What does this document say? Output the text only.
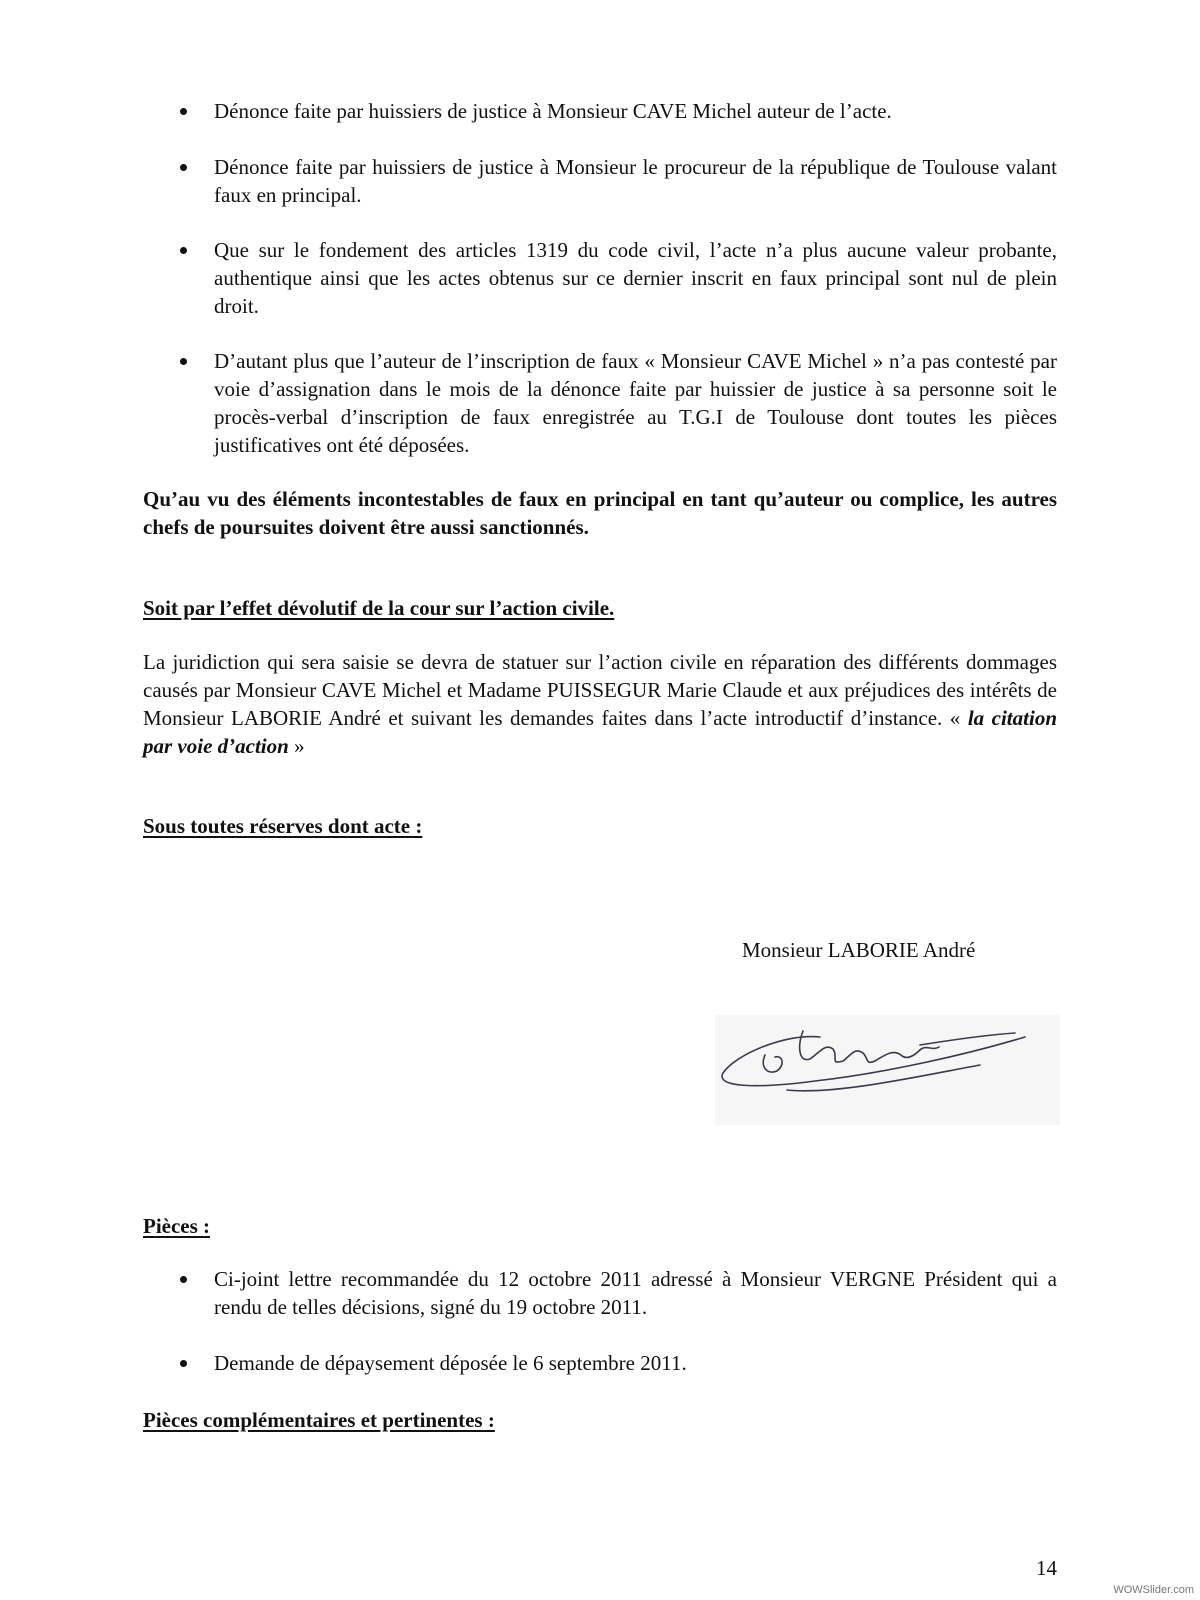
Dénonce faite par huissiers de justice à Monsieur CAVE Michel auteur de l’acte.
Dénonce faite par huissiers de justice à Monsieur le procureur de la république de Toulouse valant faux en principal.
Que sur le fondement des articles 1319 du code civil, l’acte n’a plus aucune valeur probante, authentique ainsi que les actes obtenus sur ce dernier inscrit en faux principal sont nul de plein droit.
D’autant plus que l’auteur de l’inscription de faux « Monsieur CAVE Michel » n’a pas contesté par voie d’assignation dans le mois de la dénonce faite par huissier de justice à sa personne soit le procès-verbal d’inscription de faux enregistrée au T.G.I de Toulouse dont toutes les pièces justificatives ont été déposées.
Qu’au vu des éléments incontestables de faux en principal en tant qu’auteur ou complice, les autres chefs de poursuites doivent être aussi sanctionnés.
Soit par l’effet dévolutif de la cour sur l’action civile.
La juridiction qui sera saisie se devra de statuer sur l’action civile en réparation des différents dommages causés par Monsieur CAVE Michel et Madame PUISSEGUR Marie Claude et aux préjudices des intérêts de Monsieur LABORIE André et suivant les demandes faites dans l’acte introductif d’instance. « la citation par voie d’action »
Sous toutes réserves dont acte :
Monsieur LABORIE André
Pièces :
Ci-joint lettre recommandée du 12 octobre 2011 adressé à Monsieur VERGNE Président qui a rendu de telles décisions, signé du 19 octobre 2011.
Demande de dépaysement déposée le 6 septembre 2011.
Pièces complémentaires et pertinentes :
14
WOWSlider.com
